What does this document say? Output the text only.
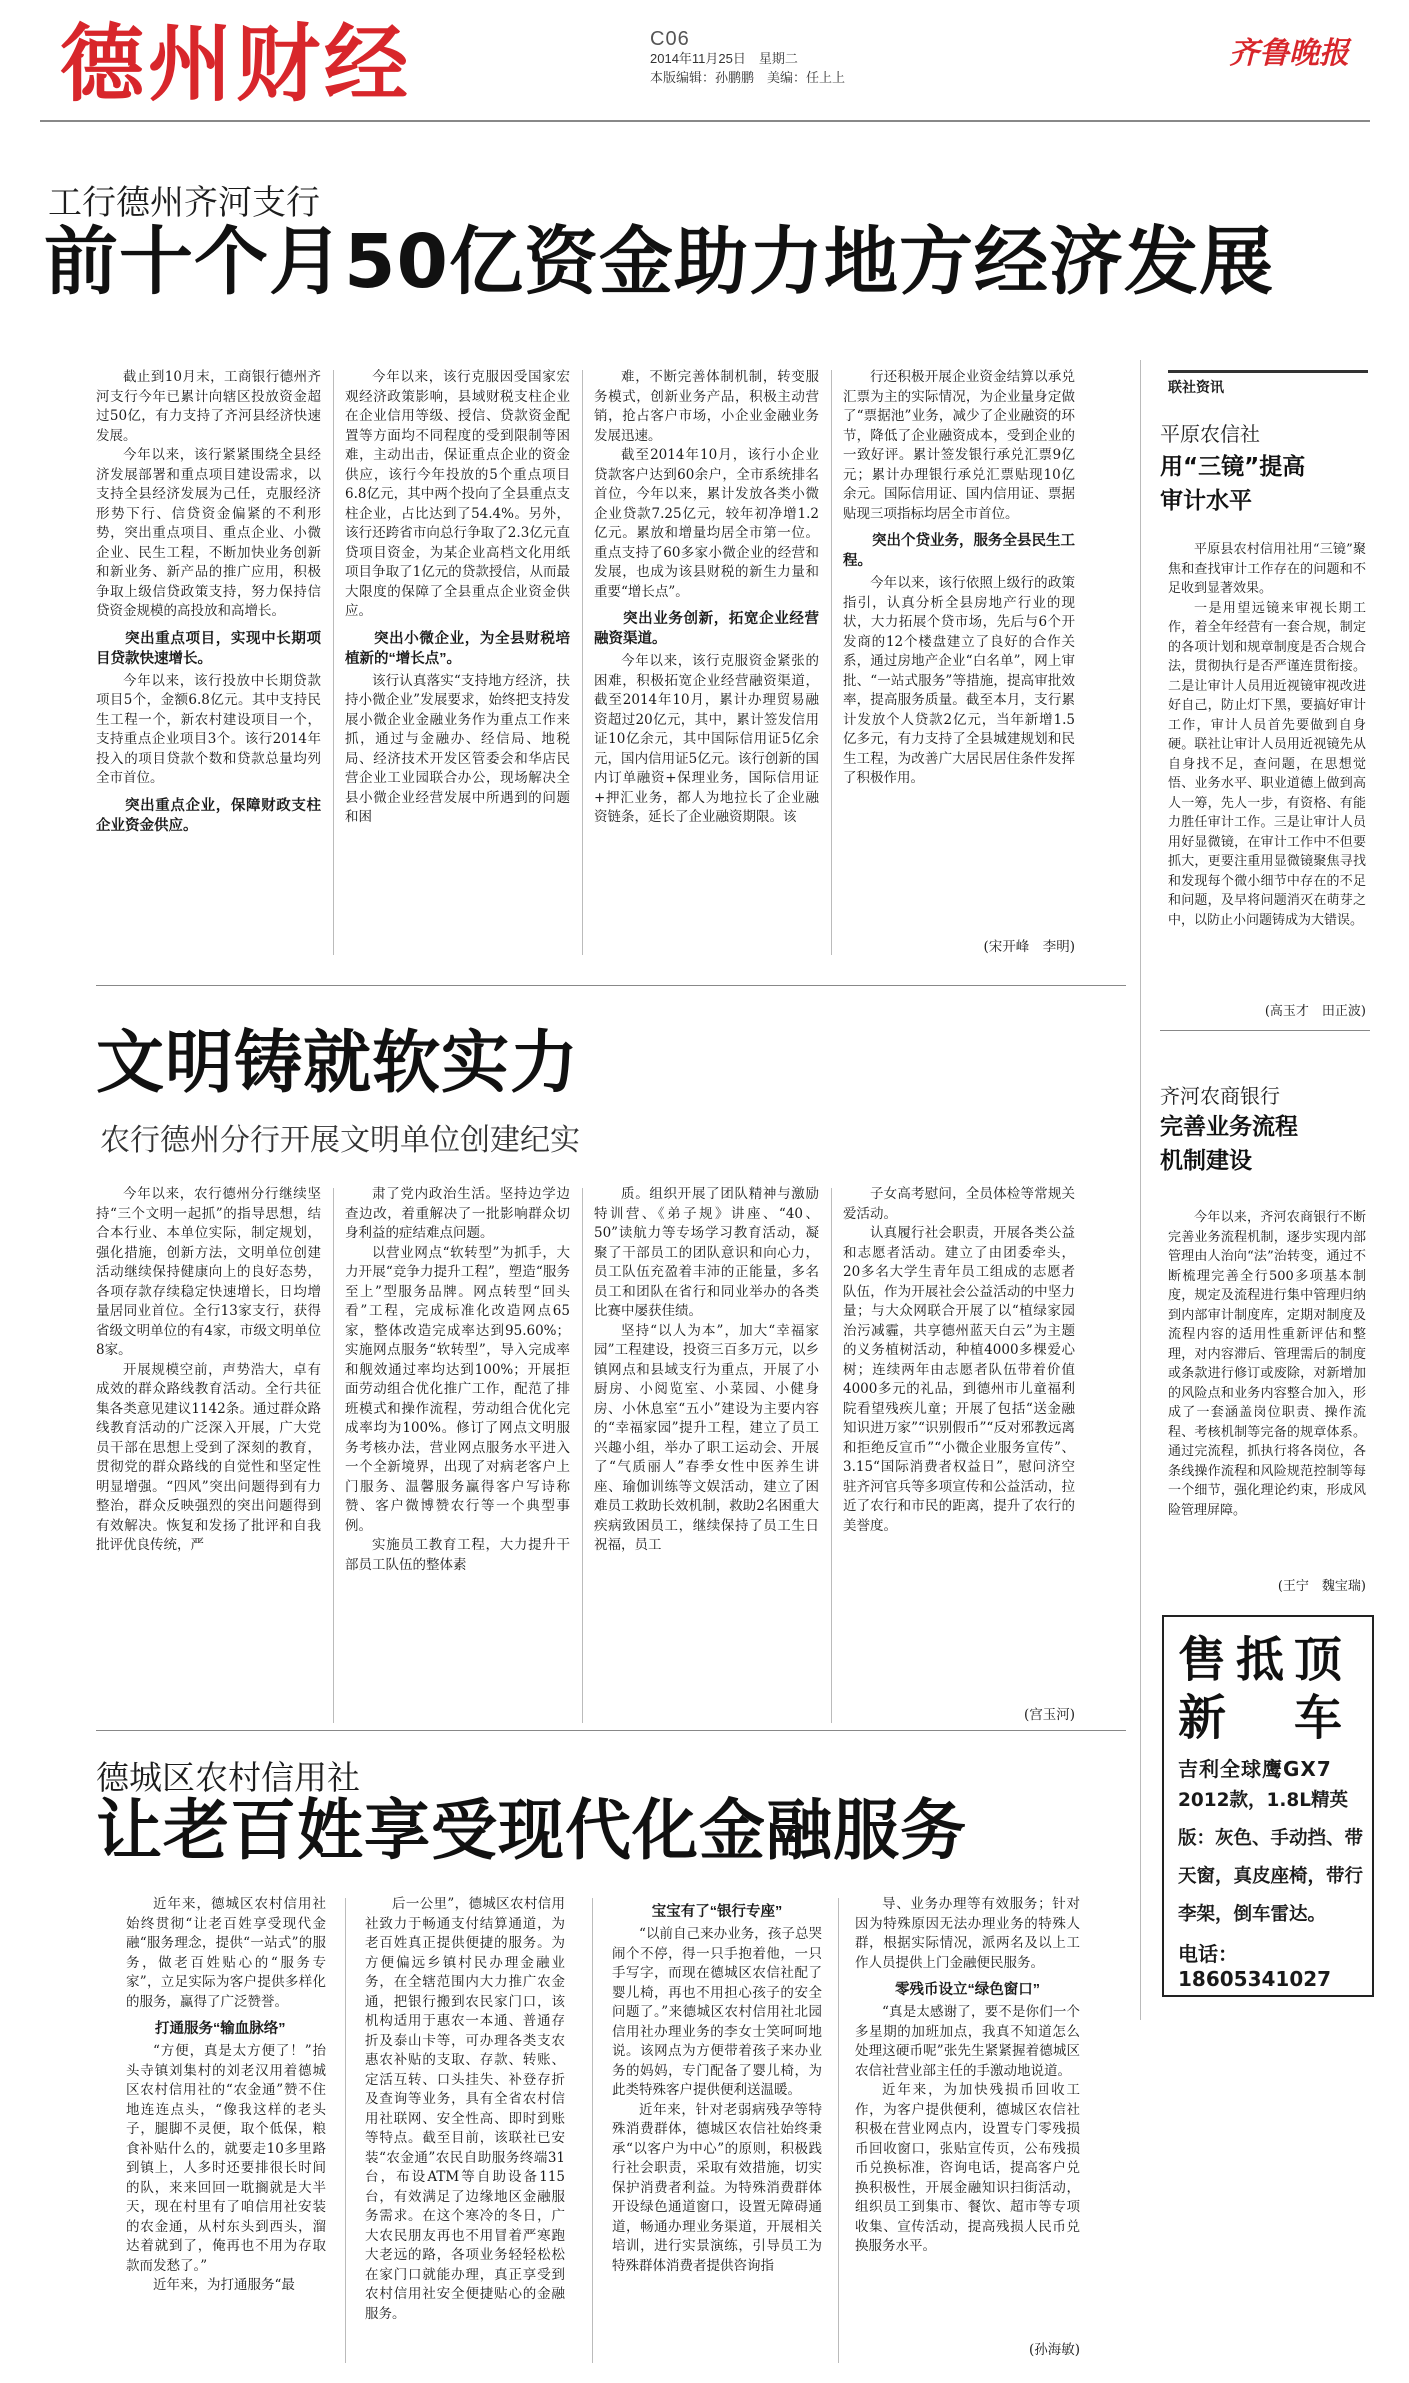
德州财经	C06
2014年11月25日　星期二
本版编辑：孙鹏鹏　美编：任上上
齐鲁晚报
工行德州齐河支行
前十个月50亿资金助力地方经济发展

截止到10月末，工商银行德州齐河支行今年已累计向辖区投放资金超过50亿，有力支持了齐河县经济快速发展。

今年以来，该行紧紧围绕全县经济发展部署和重点项目建设需求，以支持全县经济发展为己任，克服经济形势下行、信贷资金偏紧的不利形势，突出重点项目、重点企业、小微企业、民生工程，不断加快业务创新和新业务、新产品的推广应用，积极争取上级信贷政策支持，努力保持信贷资金规模的高投放和高增长。

突出重点项目，实现中长期项目贷款快速增长。

今年以来，该行投放中长期贷款项目5个，金额6.8亿元。其中支持民生工程一个，新农村建设项目一个，支持重点企业项目3个。该行2014年投入的项目贷款个数和贷款总量均列全市首位。

突出重点企业，保障财政支柱企业资金供应。

今年以来，该行克服因受国家宏观经济政策影响，县域财税支柱企业在企业信用等级、授信、贷款资金配置等方面均不同程度的受到限制等困难，主动出击，保证重点企业的资金供应，该行今年投放的5个重点项目6.8亿元，其中两个投向了全县重点支柱企业，占比达到了54.4%。另外，该行还跨省市向总行争取了2.3亿元直贷项目资金，为某企业高档文化用纸项目争取了1亿元的贷款授信，从而最大限度的保障了全县重点企业资金供应。

突出小微企业，为全县财税培植新的“增长点”。

该行认真落实“支持地方经济，扶持小微企业”发展要求，始终把支持发展小微企业金融业务作为重点工作来抓，通过与金融办、经信局、地税局、经济技术开发区管委会和华店民营企业工业园联合办公，现场解决全县小微企业经营发展中所遇到的问题和困

难，不断完善体制机制，转变服务模式，创新业务产品，积极主动营销，抢占客户市场，小企业金融业务发展迅速。

截至2014年10月，该行小企业贷款客户达到60余户，全市系统排名首位，今年以来，累计发放各类小微企业贷款7.25亿元，较年初净增1.2亿元。累放和增量均居全市第一位。重点支持了60多家小微企业的经营和发展，也成为该县财税的新生力量和重要“增长点”。

突出业务创新，拓宽企业经营融资渠道。

今年以来，该行克服资金紧张的困难，积极拓宽企业经营融资渠道，截至2014年10月，累计办理贸易融资超过20亿元，其中，累计签发信用证10亿余元，其中国际信用证5亿余元，国内信用证5亿元。该行创新的国内订单融资+保理业务，国际信用证+押汇业务，都人为地拉长了企业融资链条，延长了企业融资期限。该

行还积极开展企业资金结算以承兑汇票为主的实际情况，为企业量身定做了“票据池”业务，减少了企业融资的环节，降低了企业融资成本，受到企业的一致好评。累计签发银行承兑汇票9亿元；累计办理银行承兑汇票贴现10亿余元。国际信用证、国内信用证、票据贴现三项指标均居全市首位。

突出个贷业务，服务全县民生工程。

今年以来，该行依照上级行的政策指引，认真分析全县房地产行业的现状，大力拓展个贷市场，先后与6个开发商的12个楼盘建立了良好的合作关系，通过房地产企业“白名单”，网上审批、“一站式服务”等措施，提高审批效率，提高服务质量。截至本月，支行累计发放个人贷款2亿元，当年新增1.5亿多元，有力支持了全县城建规划和民生工程，为改善广大居民居住条件发挥了积极作用。

(宋开峰　李明)
文明铸就软实力
农行德州分行开展文明单位创建纪实

今年以来，农行德州分行继续坚持“三个文明一起抓”的指导思想，结合本行业、本单位实际，制定规划，强化措施，创新方法，文明单位创建活动继续保持健康向上的良好态势，各项存款存续稳定快速增长，日均增量居同业首位。全行13家支行，获得省级文明单位的有4家，市级文明单位8家。

开展规模空前，声势浩大，卓有成效的群众路线教育活动。全行共征集各类意见建议1142条。通过群众路线教育活动的广泛深入开展，广大党员干部在思想上受到了深刻的教育，贯彻党的群众路线的自觉性和坚定性明显增强。“四风”突出问题得到有力整治，群众反映强烈的突出问题得到有效解决。恢复和发扬了批评和自我批评优良传统，严

肃了党内政治生活。坚持边学边查边改，着重解决了一批影响群众切身利益的症结难点问题。

以营业网点“软转型”为抓手，大力开展“竞争力提升工程”，塑造“服务至上”型服务品牌。网点转型“回头看”工程，完成标准化改造网点65家，整体改造完成率达到95.60%；实施网点服务“软转型”，导入完成率和舰效通过率均达到100%；开展拒面劳动组合优化推广工作，配范了排班模式和操作流程，劳动组合优化完成率均为100%。修订了网点文明服务考核办法，营业网点服务水平进入一个全新境界，出现了对病老客户上门服务、温馨服务赢得客户写诗称赞、客户微博赞农行等一个典型事例。

实施员工教育工程，大力提升干部员工队伍的整体素

质。组织开展了团队精神与激励特训营、《弟子规》讲座、“40、50”读航力等专场学习教育活动，凝聚了干部员工的团队意识和向心力，员工队伍充盈着丰沛的正能量，多名员工和团队在省行和同业举办的各类比赛中屡获佳绩。

坚持“以人为本”，加大“幸福家园”工程建设，投资三百多万元，以乡镇网点和县域支行为重点，开展了小厨房、小阅览室、小菜园、小健身房、小休息室“五小”建设为主要内容的“幸福家园”提升工程，建立了员工兴趣小组，举办了职工运动会、开展了“气质丽人”春季女性中医养生讲座、瑜伽训练等文娱活动，建立了困难员工救助长效机制，救助2名困重大疾病致困员工，继续保持了员工生日祝福，员工

子女高考慰问，全员体检等常规关爱活动。

认真履行社会职责，开展各类公益和志愿者活动。建立了由团委牵头，20多名大学生青年员工组成的志愿者队伍，作为开展社会公益活动的中坚力量；与大众网联合开展了以“植绿家园治污减霾，共享德州蓝天白云”为主题的义务植树活动，种植4000多棵爱心树；连续两年由志愿者队伍带着价值4000多元的礼品，到德州市儿童福利院看望残疾儿童；开展了包括“送金融知识进万家”“识别假币”“反对邪教远离和拒绝反宣币”“小微企业服务宣传”、3.15“国际消费者权益日”，慰问济空驻齐河官兵等多项宣传和公益活动，拉近了农行和市民的距离，提升了农行的美誉度。

(宫玉河)
德城区农村信用社
让老百姓享受现代化金融服务

近年来，德城区农村信用社始终贯彻“让老百姓享受现代金融“服务理念，提供“一站式”的服务，做老百姓贴心的“服务专家”，立足实际为客户提供多样化的服务，赢得了广泛赞誉。

打通服务“输血脉络”

“方便，真是太方便了！”抬头寺镇刘集村的刘老汉用着德城区农村信用社的“农金通”赞不住地连连点头，“像我这样的老头子，腿脚不灵便，取个低保，粮食补贴什么的，就要走10多里路到镇上，人多时还要排很长时间的队，来来回回一耽搁就是大半天，现在村里有了咱信用社安装的农金通，从村东头到西头，溜达着就到了，俺再也不用为存取款而发愁了。”

近年来，为打通服务“最

后一公里”，德城区农村信用社致力于畅通支付结算通道，为老百姓真正提供便捷的服务。为方便偏远乡镇村民办理金融业务，在全辖范围内大力推广农金通，把银行搬到农民家门口，该机构适用于惠农一本通、普通存折及泰山卡等，可办理各类支农惠农补贴的支取、存款、转账、定活互转、口头挂失、补登存折及查询等业务，具有全省农村信用社联网、安全性高、即时到账等特点。截至目前，该联社已安装“农金通”农民自助服务终端31台，布设ATM等自助设备115台，有效满足了边缘地区金融服务需求。在这个寒冷的冬日，广大农民朋友再也不用冒着严寒跑大老远的路，各项业务轻轻松松在家门口就能办理，真正享受到农村信用社安全便捷贴心的金融服务。

宝宝有了“银行专座”

“以前自己来办业务，孩子总哭闹个不停，得一只手抱着他，一只手写字，而现在德城区农信社配了婴儿椅，再也不用担心孩子的安全问题了。”来德城区农村信用社北园信用社办理业务的李女士笑呵呵地说。该网点为方便带着孩子来办业务的妈妈，专门配备了婴儿椅，为此类特殊客户提供便利送温暖。

近年来，针对老弱病残孕等特殊消费群体，德城区农信社始终秉承“以客户为中心”的原则，积极践行社会职责，采取有效措施，切实保护消费者利益。为特殊消费群体开设绿色通道窗口，设置无障碍通道，畅通办理业务渠道，开展相关培训，进行实景演练，引导员工为特殊群体消费者提供咨询指

导、业务办理等有效服务；针对因为特殊原因无法办理业务的特殊人群，根据实际情况，派两名及以上工作人员提供上门金融便民服务。

零残币设立“绿色窗口”

“真是太感谢了，要不是你们一个多星期的加班加点，我真不知道怎么处理这硬币呢”张先生紧紧握着德城区农信社营业部主任的手激动地说道。

近年来，为加快残损币回收工作，为客户提供便利，德城区农信社积极在营业网点内，设置专门零残损币回收窗口，张贴宣传页，公布残损币兑换标准，咨询电话，提高客户兑换积极性，开展金融知识扫街活动，组织员工到集市、餐饮、超市等专项收集、宣传活动，提高残损人民币兑换服务水平。

(孙海敏)
联社资讯
平原农信社
用“三镜”提高
审计水平

平原县农村信用社用“三镜”聚焦和查找审计工作存在的问题和不足收到显著效果。

一是用望远镜来审视长期工作，着全年经营有一套合规，制定的各项计划和规章制度是否合规合法，贯彻执行是否严谨连贯衔接。二是让审计人员用近视镜审视改进好自己，防止灯下黑，要搞好审计工作，审计人员首先要做到自身硬。联社让审计人员用近视镜先从自身找不足，查问题，在思想觉悟、业务水平、职业道德上做到高人一筹，先人一步，有资格、有能力胜任审计工作。三是让审计人员用好显微镜，在审计工作中不但要抓大，更要注重用显微镜聚焦寻找和发现每个微小细节中存在的不足和问题，及早将问题消灭在萌芽之中，以防止小问题铸成为大错误。

(高玉才　田正波)
齐河农商银行
完善业务流程
机制建设

今年以来，齐河农商银行不断完善业务流程机制，逐步实现内部管理由人治向“法”治转变，通过不断梳理完善全行500多项基本制度，规定及流程进行集中管理归纳到内部审计制度库，定期对制度及流程内容的适用性重新评估和整理，对内容滞后、管理需后的制度或条款进行修订或废除，对新增加的风险点和业务内容整合加入，形成了一套涵盖岗位职责、操作流程、考核机制等完备的规章体系。通过完流程，抓执行将各岗位，各条线操作流程和风险规范控制等每一个细节，强化理论约束，形成风险管理屏障。

(王宁　魏宝瑞)
售抵顶
新　车
吉利全球鹰GX7
2012款，1.8L精英版：灰色、手动挡、带天窗，真皮座椅，带行李架，倒车雷达。
电话：18605341027
